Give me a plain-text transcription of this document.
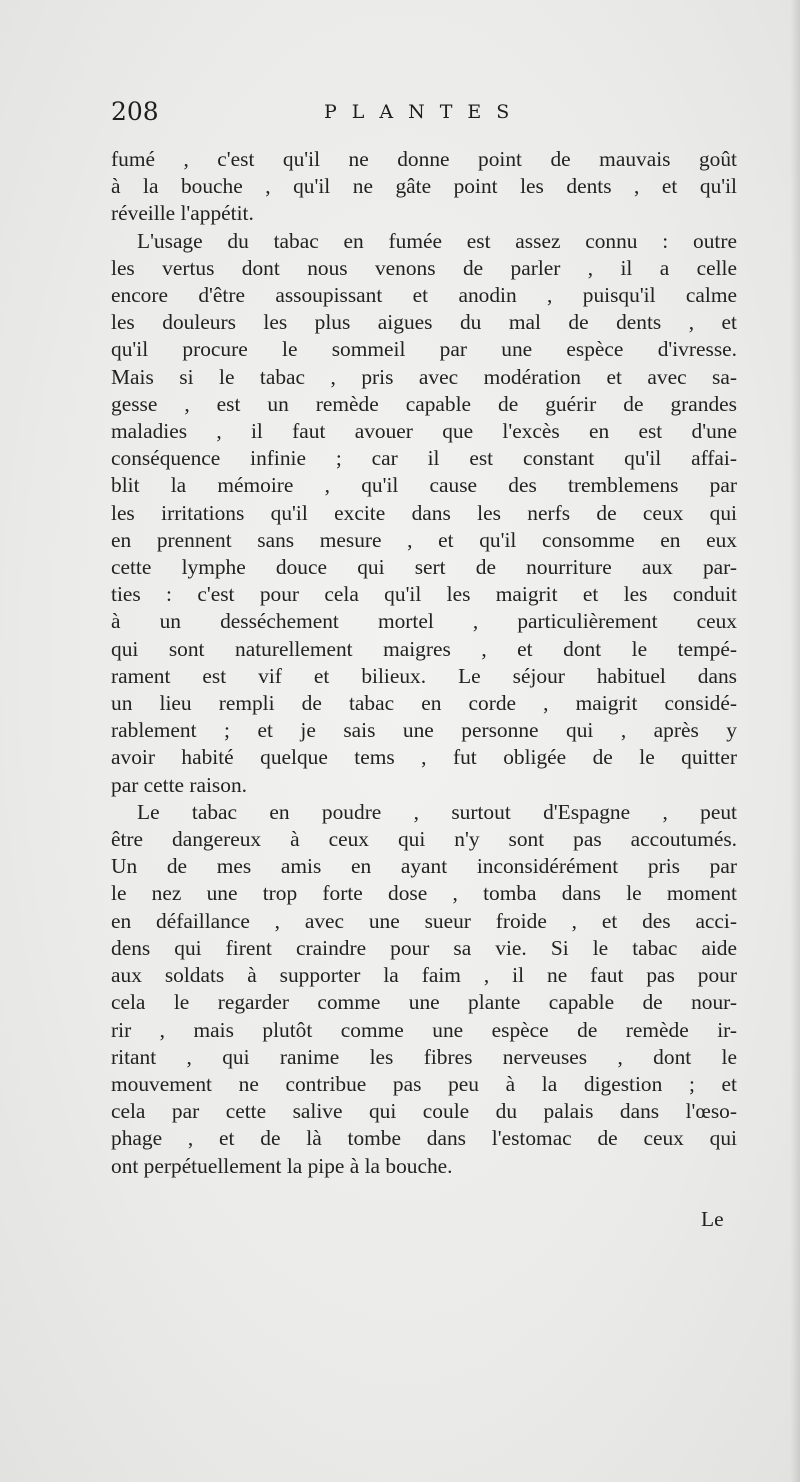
208	PLANTES
fumé , c'est qu'il ne donne point de mauvais goût
à la bouche , qu'il ne gâte point les dents , et qu'il
réveille l'appétit.
L'usage du tabac en fumée est assez connu : outre
les vertus dont nous venons de parler , il a celle
encore d'être assoupissant et anodin , puisqu'il calme
les douleurs les plus aigues du mal de dents , et
qu'il procure le sommeil par une espèce d'ivresse.
Mais si le tabac , pris avec modération et avec sa-
gesse , est un remède capable de guérir de grandes
maladies , il faut avouer que l'excès en est d'une
conséquence infinie ; car il est constant qu'il affai-
blit la mémoire , qu'il cause des tremblemens par
les irritations qu'il excite dans les nerfs de ceux qui
en prennent sans mesure , et qu'il consomme en eux
cette lymphe douce qui sert de nourriture aux par-
ties : c'est pour cela qu'il les maigrit et les conduit
à un desséchement mortel , particulièrement ceux
qui sont naturellement maigres , et dont le tempé-
rament est vif et bilieux. Le séjour habituel dans
un lieu rempli de tabac en corde , maigrit considé-
rablement ; et je sais une personne qui , après y
avoir habité quelque tems , fut obligée de le quitter
par cette raison.
Le tabac en poudre , surtout d'Espagne , peut
être dangereux à ceux qui n'y sont pas accoutumés.
Un de mes amis en ayant inconsidérément pris par
le nez une trop forte dose , tomba dans le moment
en défaillance , avec une sueur froide , et des acci-
dens qui firent craindre pour sa vie. Si le tabac aide
aux soldats à supporter la faim , il ne faut pas pour
cela le regarder comme une plante capable de nour-
rir , mais plutôt comme une espèce de remède ir-
ritant , qui ranime les fibres nerveuses , dont le
mouvement ne contribue pas peu à la digestion ; et
cela par cette salive qui coule du palais dans l'œso-
phage , et de là tombe dans l'estomac de ceux qui
ont perpétuellement la pipe à la bouche.
Le
